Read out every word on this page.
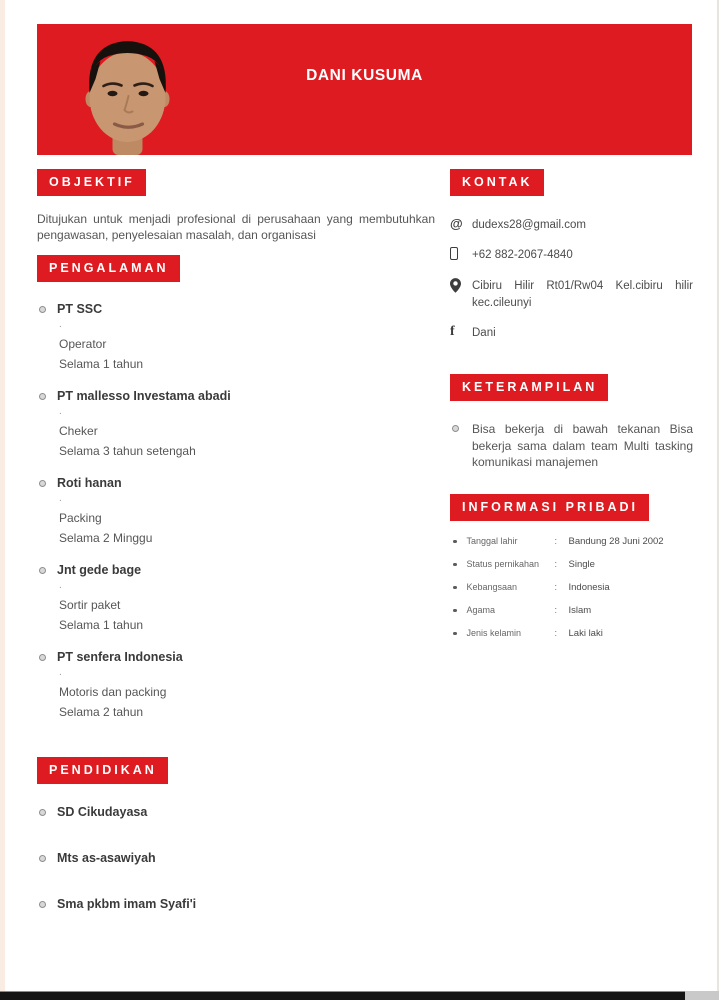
DANI KUSUMA
OBJEKTIF

Ditujukan untuk menjadi profesional di perusahaan yang membutuhkan pengawasan, penyelesaian masalah, dan organisasi

PENGALAMAN
PT SSC
.
Operator
Selama 1 tahun
PT mallesso Investama abadi
.
Cheker
Selama 3 tahun setengah
Roti hanan
.
Packing
Selama 2 Minggu
Jnt gede bage
.
Sortir paket
Selama 1 tahun
PT senfera Indonesia
.
Motoris dan packing
Selama 2 tahun
PENDIDIKAN
SD Cikudayasa
Mts as-asawiyah
Sma pkbm imam Syafi'i
KONTAK
@ dudexs28@gmail.com
+62 882-2067-4840
Cibiru Hilir Rt01/Rw04 Kel.cibiru hilir kec.cileunyi
f	Dani
KETERAMPILAN
Bisa bekerja di bawah tekanan Bisa bekerja sama dalam team Multi tasking komunikasi manajemen
INFORMASI PRIBADI
Tanggal lahir	:	Bandung 28 Juni 2002
Status pernikahan	:	Single
Kebangsaan	:	Indonesia
Agama	:	Islam
Jenis kelamin	:	Laki laki
